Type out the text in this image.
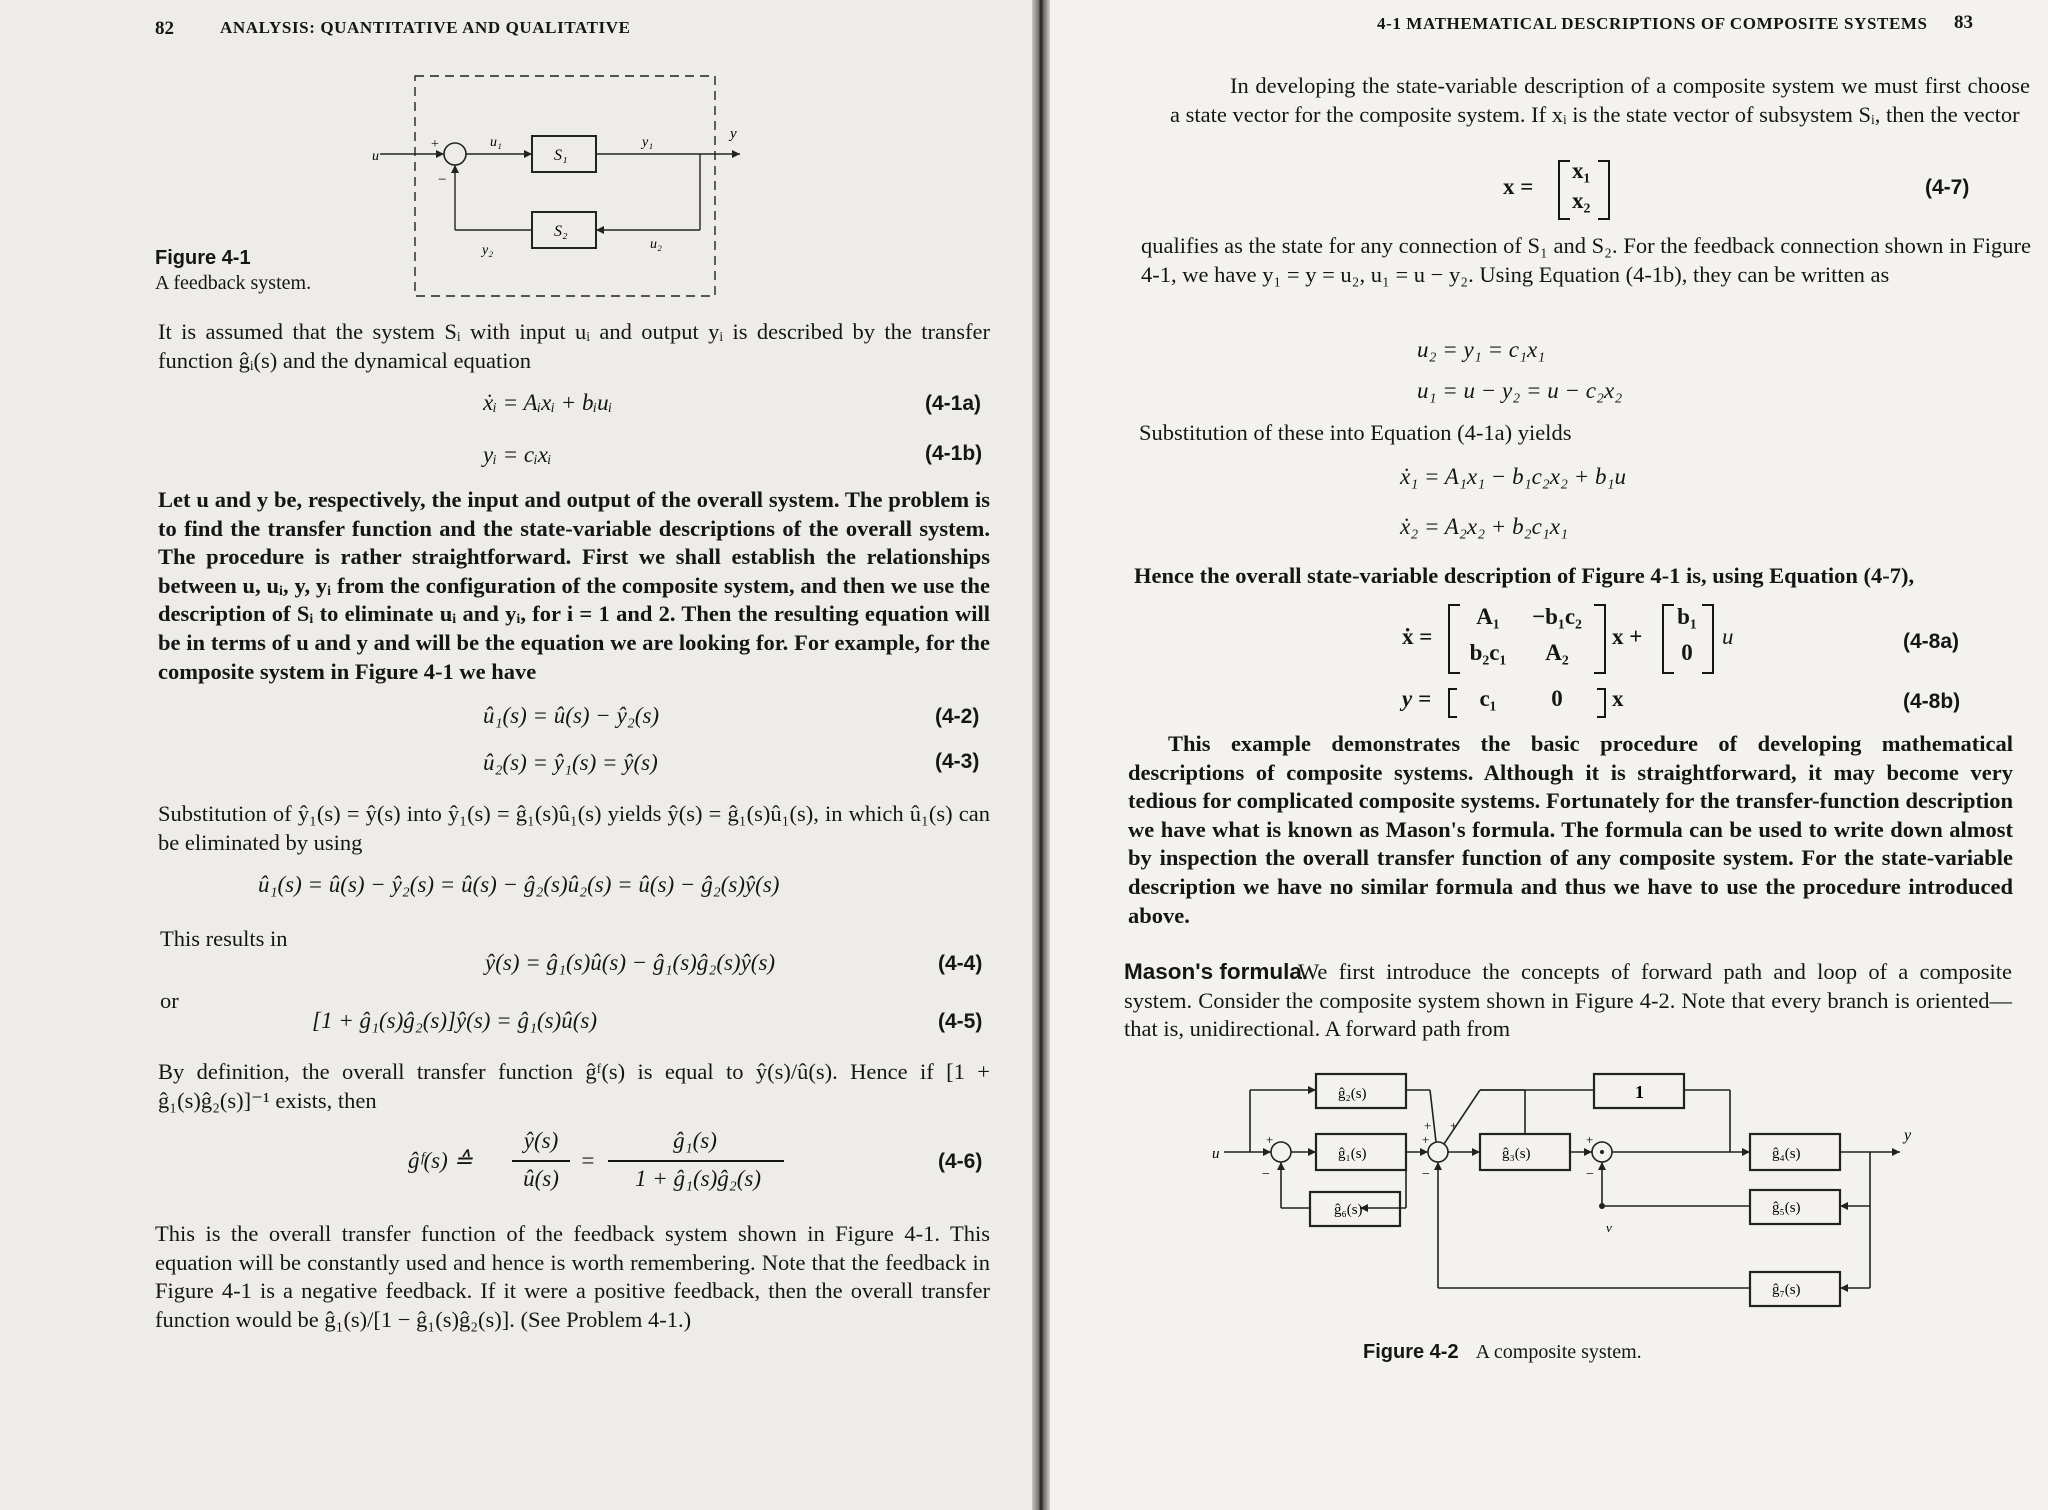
82	ANALYSIS: QUANTITATIVE AND QUALITATIVE
u
+
−
u₁
S₁
y₁
y
S₂
y₂	u₂
Figure 4-1
A feedback system.
It is assumed that the system Sᵢ with input uᵢ and output yᵢ is described by the transfer function ĝᵢ(s) and the dynamical equation
ẋᵢ = Aᵢxᵢ + bᵢuᵢ	(4-1a)
yᵢ = cᵢxᵢ	(4-1b)
Let u and y be, respectively, the input and output of the overall system. The problem is to find the transfer function and the state-variable descriptions of the overall system. The procedure is rather straightforward. First we shall establish the relationships between u, uᵢ, y, yᵢ from the configuration of the composite system, and then we use the description of Sᵢ to eliminate uᵢ and yᵢ, for i = 1 and 2. Then the resulting equation will be in terms of u and y and will be the equation we are looking for. For example, for the composite system in Figure 4-1 we have
û₁(s) = û(s) − ŷ₂(s)	(4-2)
û₂(s) = ŷ₁(s) = ŷ(s)	(4-3)
Substitution of ŷ₁(s) = ŷ(s) into ŷ₁(s) = ĝ₁(s)û₁(s) yields ŷ(s) = ĝ₁(s)û₁(s), in which û₁(s) can be eliminated by using
û₁(s) = û(s) − ŷ₂(s) = û(s) − ĝ₂(s)û₂(s) = û(s) − ĝ₂(s)ŷ(s)
This results in
ŷ(s) = ĝ₁(s)û(s) − ĝ₁(s)ĝ₂(s)ŷ(s)	(4-4)
or
[1 + ĝ₁(s)ĝ₂(s)]ŷ(s) = ĝ₁(s)û(s)	(4-5)
By definition, the overall transfer function ĝᶠ(s) is equal to ŷ(s)/û(s). Hence if [1 + ĝ₁(s)ĝ₂(s)]⁻¹ exists, then
ĝᶠ(s) ≙
ŷ(s)
û(s)
=
ĝ₁(s)
1 + ĝ₁(s)ĝ₂(s)
(4-6)
This is the overall transfer function of the feedback system shown in Figure 4-1. This equation will be constantly used and hence is worth remembering. Note that the feedback in Figure 4-1 is a negative feedback. If it were a positive feedback, then the overall transfer function would be ĝ₁(s)/[1 − ĝ₁(s)ĝ₂(s)]. (See Problem 4-1.)
4-1 MATHEMATICAL DESCRIPTIONS OF COMPOSITE SYSTEMS 83
In developing the state-variable description of a composite system we must first choose a state vector for the composite system. If xᵢ is the state vector of subsystem Sᵢ, then the vector
x =
x₁
x₂
(4-7)
qualifies as the state for any connection of S₁ and S₂. For the feedback connection shown in Figure 4-1, we have y₁ = y = u₂, u₁ = u − y₂. Using Equation (4-1b), they can be written as
u₂ = y₁ = c₁x₁
u₁ = u − y₂ = u − c₂x₂
Substitution of these into Equation (4-1a) yields
ẋ₁ = A₁x₁ − b₁c₂x₂ + b₁u
ẋ₂ = A₂x₂ + b₂c₁x₁
Hence the overall state-variable description of Figure 4-1 is, using Equation (4-7),
ẋ =
A₁	−b₁c₂
b₂c₁	A₂
x +
b₁
0
u	(4-8a)
y =	c₁	0	x	(4-8b)
This example demonstrates the basic procedure of developing mathematical descriptions of composite systems. Although it is straightforward, it may become very tedious for complicated composite systems. Fortunately for the transfer-function description we have what is known as Mason's formula. The formula can be used to write down almost by inspection the overall transfer function of any composite system. For the state-variable description we have no similar formula and thus we have to use the procedure introduced above.
We first introduce the concepts of forward path and loop of a composite system. Consider the composite system shown in Figure 4-2. Note that every branch is oriented—that is, unidirectional. A forward path from
Mason's formula.
ĝ₂(s)
ĝ₁(s)	ĝ₃(s)
1
ĝ₄(s)
ĝ₅(s)
ĝ₆(s)
ĝ₇(s)
u
y
v
+
−
+
+ +
−
+
−
Figure 4-2 A composite system.
